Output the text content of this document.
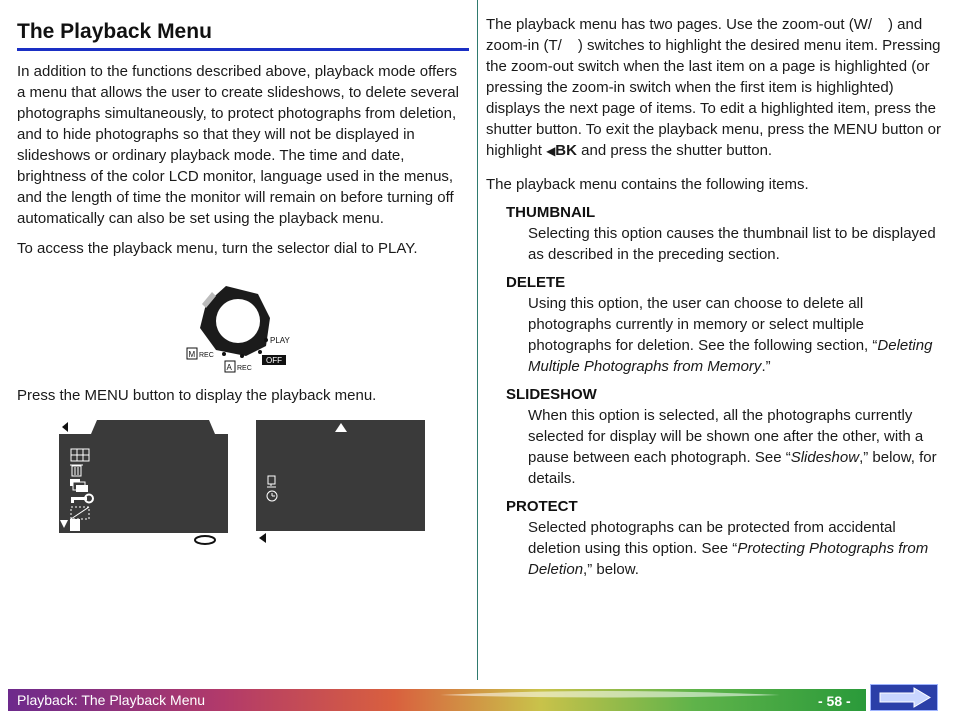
The Playback Menu

In addition to the functions described above, playback mode offers a menu that allows the user to create slideshows, to delete several photographs simultaneously, to protect photographs from deletion, and to hide photographs so that they will not be displayed in slideshows or ordinary playback mode. The time and date, brightness of the color LCD monitor, language used in the menus, and the length of time the monitor will remain on before turning off automatically can also be set using the playback menu.

To access the playback menu, turn the selector dial to PLAY.

PLAY
OFF
M REC
A REC

Press the MENU button to display the playback menu.

The playback menu has two pages. Use the zoom-out (W/ ) and zoom-in (T/ ) switches to highlight the desired menu item. Pressing the zoom-out switch when the last item on a page is highlighted (or pressing the zoom-in switch when the first item is highlighted) displays the next page of items. To edit a highlighted item, press the shutter button. To exit the playback menu, press the MENU button or highlight ◀BK and press the shutter button.

The playback menu contains the following items.

THUMBNAIL

Selecting this option causes the thumbnail list to be displayed as described in the preceding section.

DELETE

Using this option, the user can choose to delete all photographs currently in memory or select multiple photographs for deletion. See the following section, “Deleting Multiple Photographs from Memory.”

SLIDESHOW

When this option is selected, all the photographs currently selected for display will be shown one after the other, with a pause between each photograph. See “Slideshow,” below, for details.

PROTECT

Selected photographs can be protected from accidental deletion using this option. See “Protecting Photographs from Deletion,” below.

Playback: The Playback Menu	- 58 -
